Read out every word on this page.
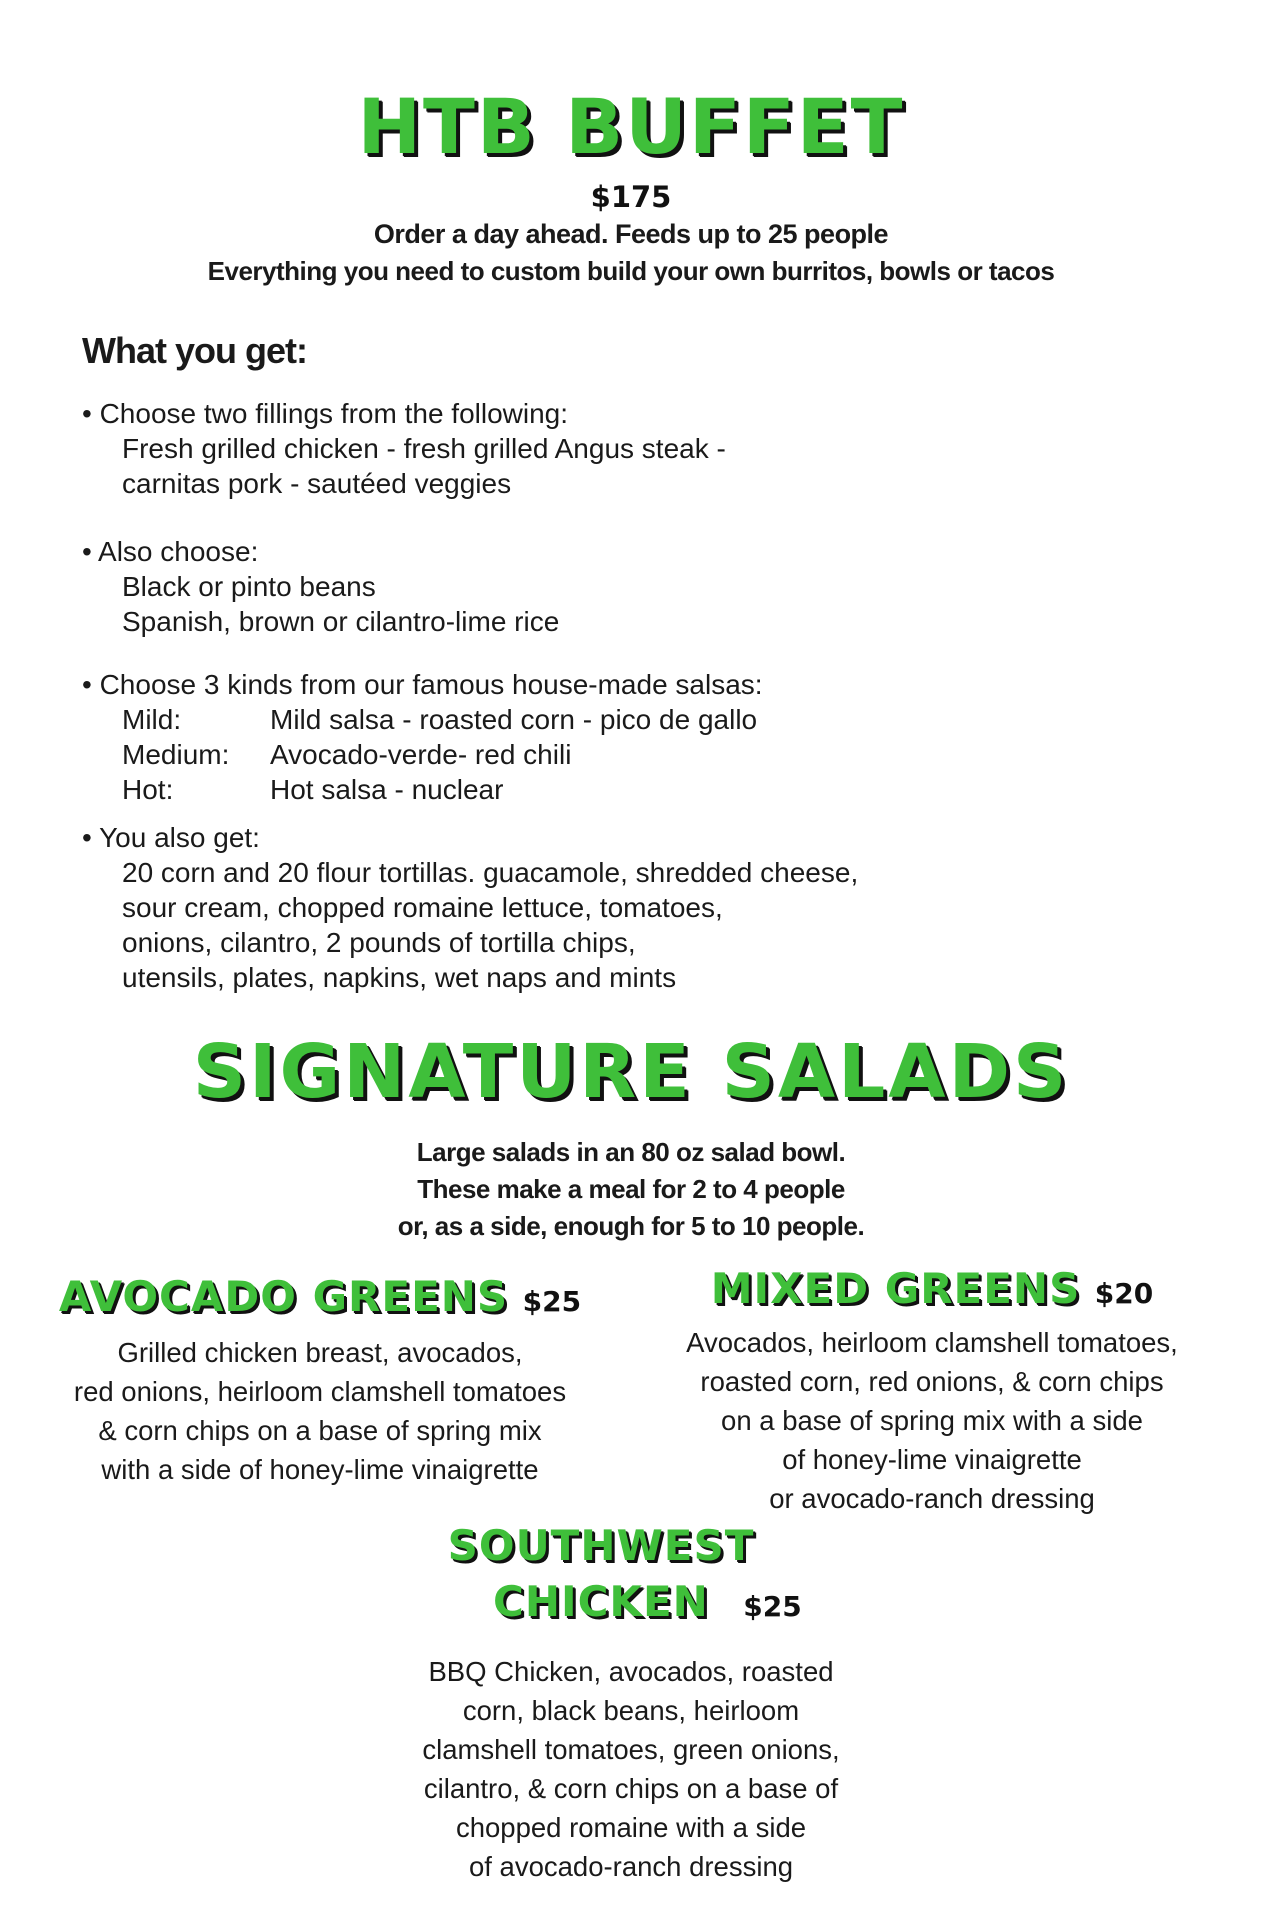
HTB BUFFET
$175
Order a day ahead. Feeds up to 25 people
Everything you need to custom build your own burritos, bowls or tacos
What you get:
• Choose two fillings from the following:
Fresh grilled chicken - fresh grilled Angus steak -
carnitas pork - sautéed veggies
• Also choose:
Black or pinto beans
Spanish, brown or cilantro-lime rice
• Choose 3 kinds from our famous house-made salsas:
Mild:	Mild salsa - roasted corn - pico de gallo
Medium:	Avocado-verde- red chili
Hot:	Hot salsa - nuclear
• You also get:
20 corn and 20 flour tortillas. guacamole, shredded cheese,
sour cream, chopped romaine lettuce, tomatoes,
onions, cilantro, 2 pounds of tortilla chips,
utensils, plates, napkins, wet naps and mints
SIGNATURE SALADS
Large salads in an 80 oz salad bowl.
These make a meal for 2 to 4 people
or, as a side, enough for 5 to 10 people.
AVOCADO GREENS $25
Grilled chicken breast, avocados,
red onions, heirloom clamshell tomatoes
& corn chips on a base of spring mix
with a side of honey-lime vinaigrette
MIXED GREENS $20
Avocados, heirloom clamshell tomatoes,
roasted corn, red onions, & corn chips
on a base of spring mix with a side
of honey-lime vinaigrette
or avocado-ranch dressing
SOUTHWEST
CHICKEN $25
BBQ Chicken, avocados, roasted
corn, black beans, heirloom
clamshell tomatoes, green onions,
cilantro, & corn chips on a base of
chopped romaine with a side
of avocado-ranch dressing
